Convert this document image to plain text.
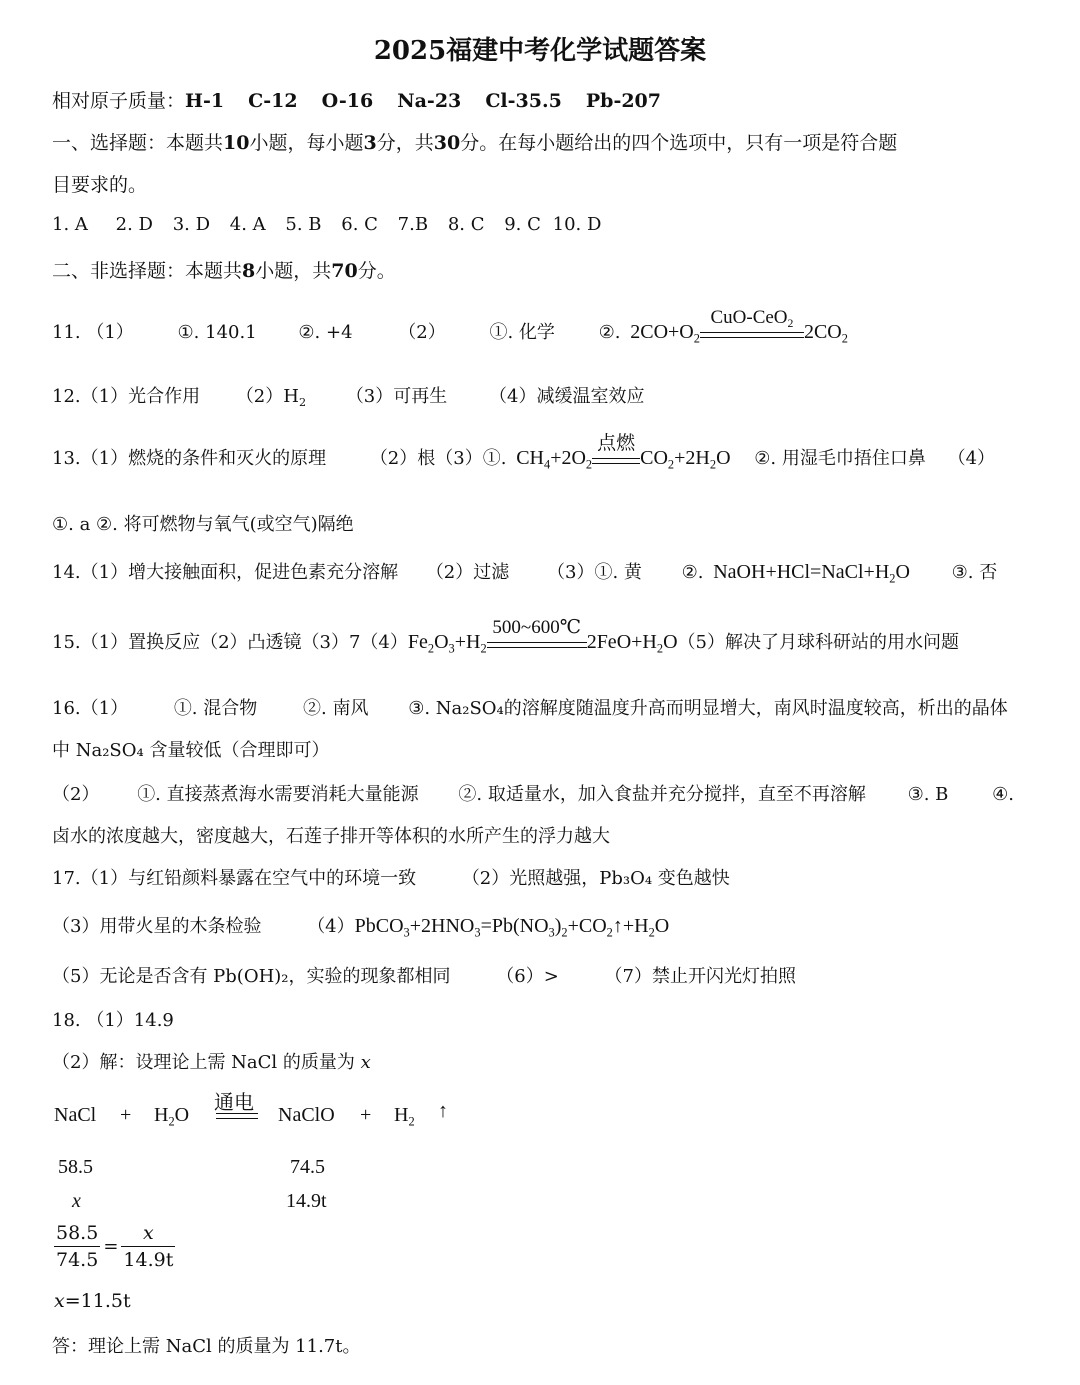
2025福建中考化学试题答案
相对原子质量：H-1 C-12 O-16 Na-23 Cl-35.5 Pb-207
一、选择题：本题共10小题，每小题3分，共30分。在每小题给出的四个选项中，只有一项是符合题
目要求的。
1. A 2. D 3. D 4. A 5. B 6. C 7.B 8. C 9. C 10. D
二、非选择题：本题共8小题，共70分。
11. （1） ①. 140.1 ②. +4	（2） ①. 化学 ②. $2CO+O_2$
CuO-CeO$_2$ $2CO_2$
12.（1）光合作用 $(2)H_2$ （3）可再生 （4）减缓温室效应
13.（1）燃烧的条件和灭火的原理 （2）根（3）①. $CH_4+2O_2$
点燃
$CO_2+2H_2O$ ②. 用湿毛巾捂住口鼻 （4）
①. a ②. 将可燃物与氧气(或空气)隔绝
14.（1）增大接触面积，促进色素充分溶解 （2）过滤 （3）①. 黄 ②. $NaOH+HCl=NaCl+H_2O$ ③. 否
15.（1）置换反应（2）凸透镜$(3)7(4)Fe_2O_3+H_2$
500~600℃
$2FeO+H_2O(5)$解决了月球科研站的用水问题
16.（1）	①. 混合物	②. 南风 ③. Na₂SO₄的溶解度随温度升高而明显增大，南风时温度较高，析出的晶体
中 Na₂SO₄ 含量较低（合理即可）
（2） ①. 直接蒸煮海水需要消耗大量能源 ②. 取适量水，加入食盐并充分搅拌，直至不再溶解 ③. B ④.
卤水的浓度越大，密度越大，石莲子排开等体积的水所产生的浮力越大
17.（1）与红铅颜料暴露在空气中的环境一致	（2）光照越强，Pb₃O₄ 变色越快
（3）用带火星的木条检验	$(4)PbCO_3+2HNO_3=Pb(NO_3)_2+CO_2↑+H_2O$
（5）无论是否含有 Pb(OH)₂，实验的现象都相同	（6）>	（7）禁止开闪光灯拍照
18. （1）14.9
（2）解：设理论上需 NaCl 的质量为 x
NaCl + $H_2O$
通电
NaClO + $H_2$ ↑
58.5	74.5
x	14.9t
$\frac{58.5}{74.5} = \frac{x}{14.9t}$
x=11.5t
答：理论上需 NaCl 的质量为 11.7t。
